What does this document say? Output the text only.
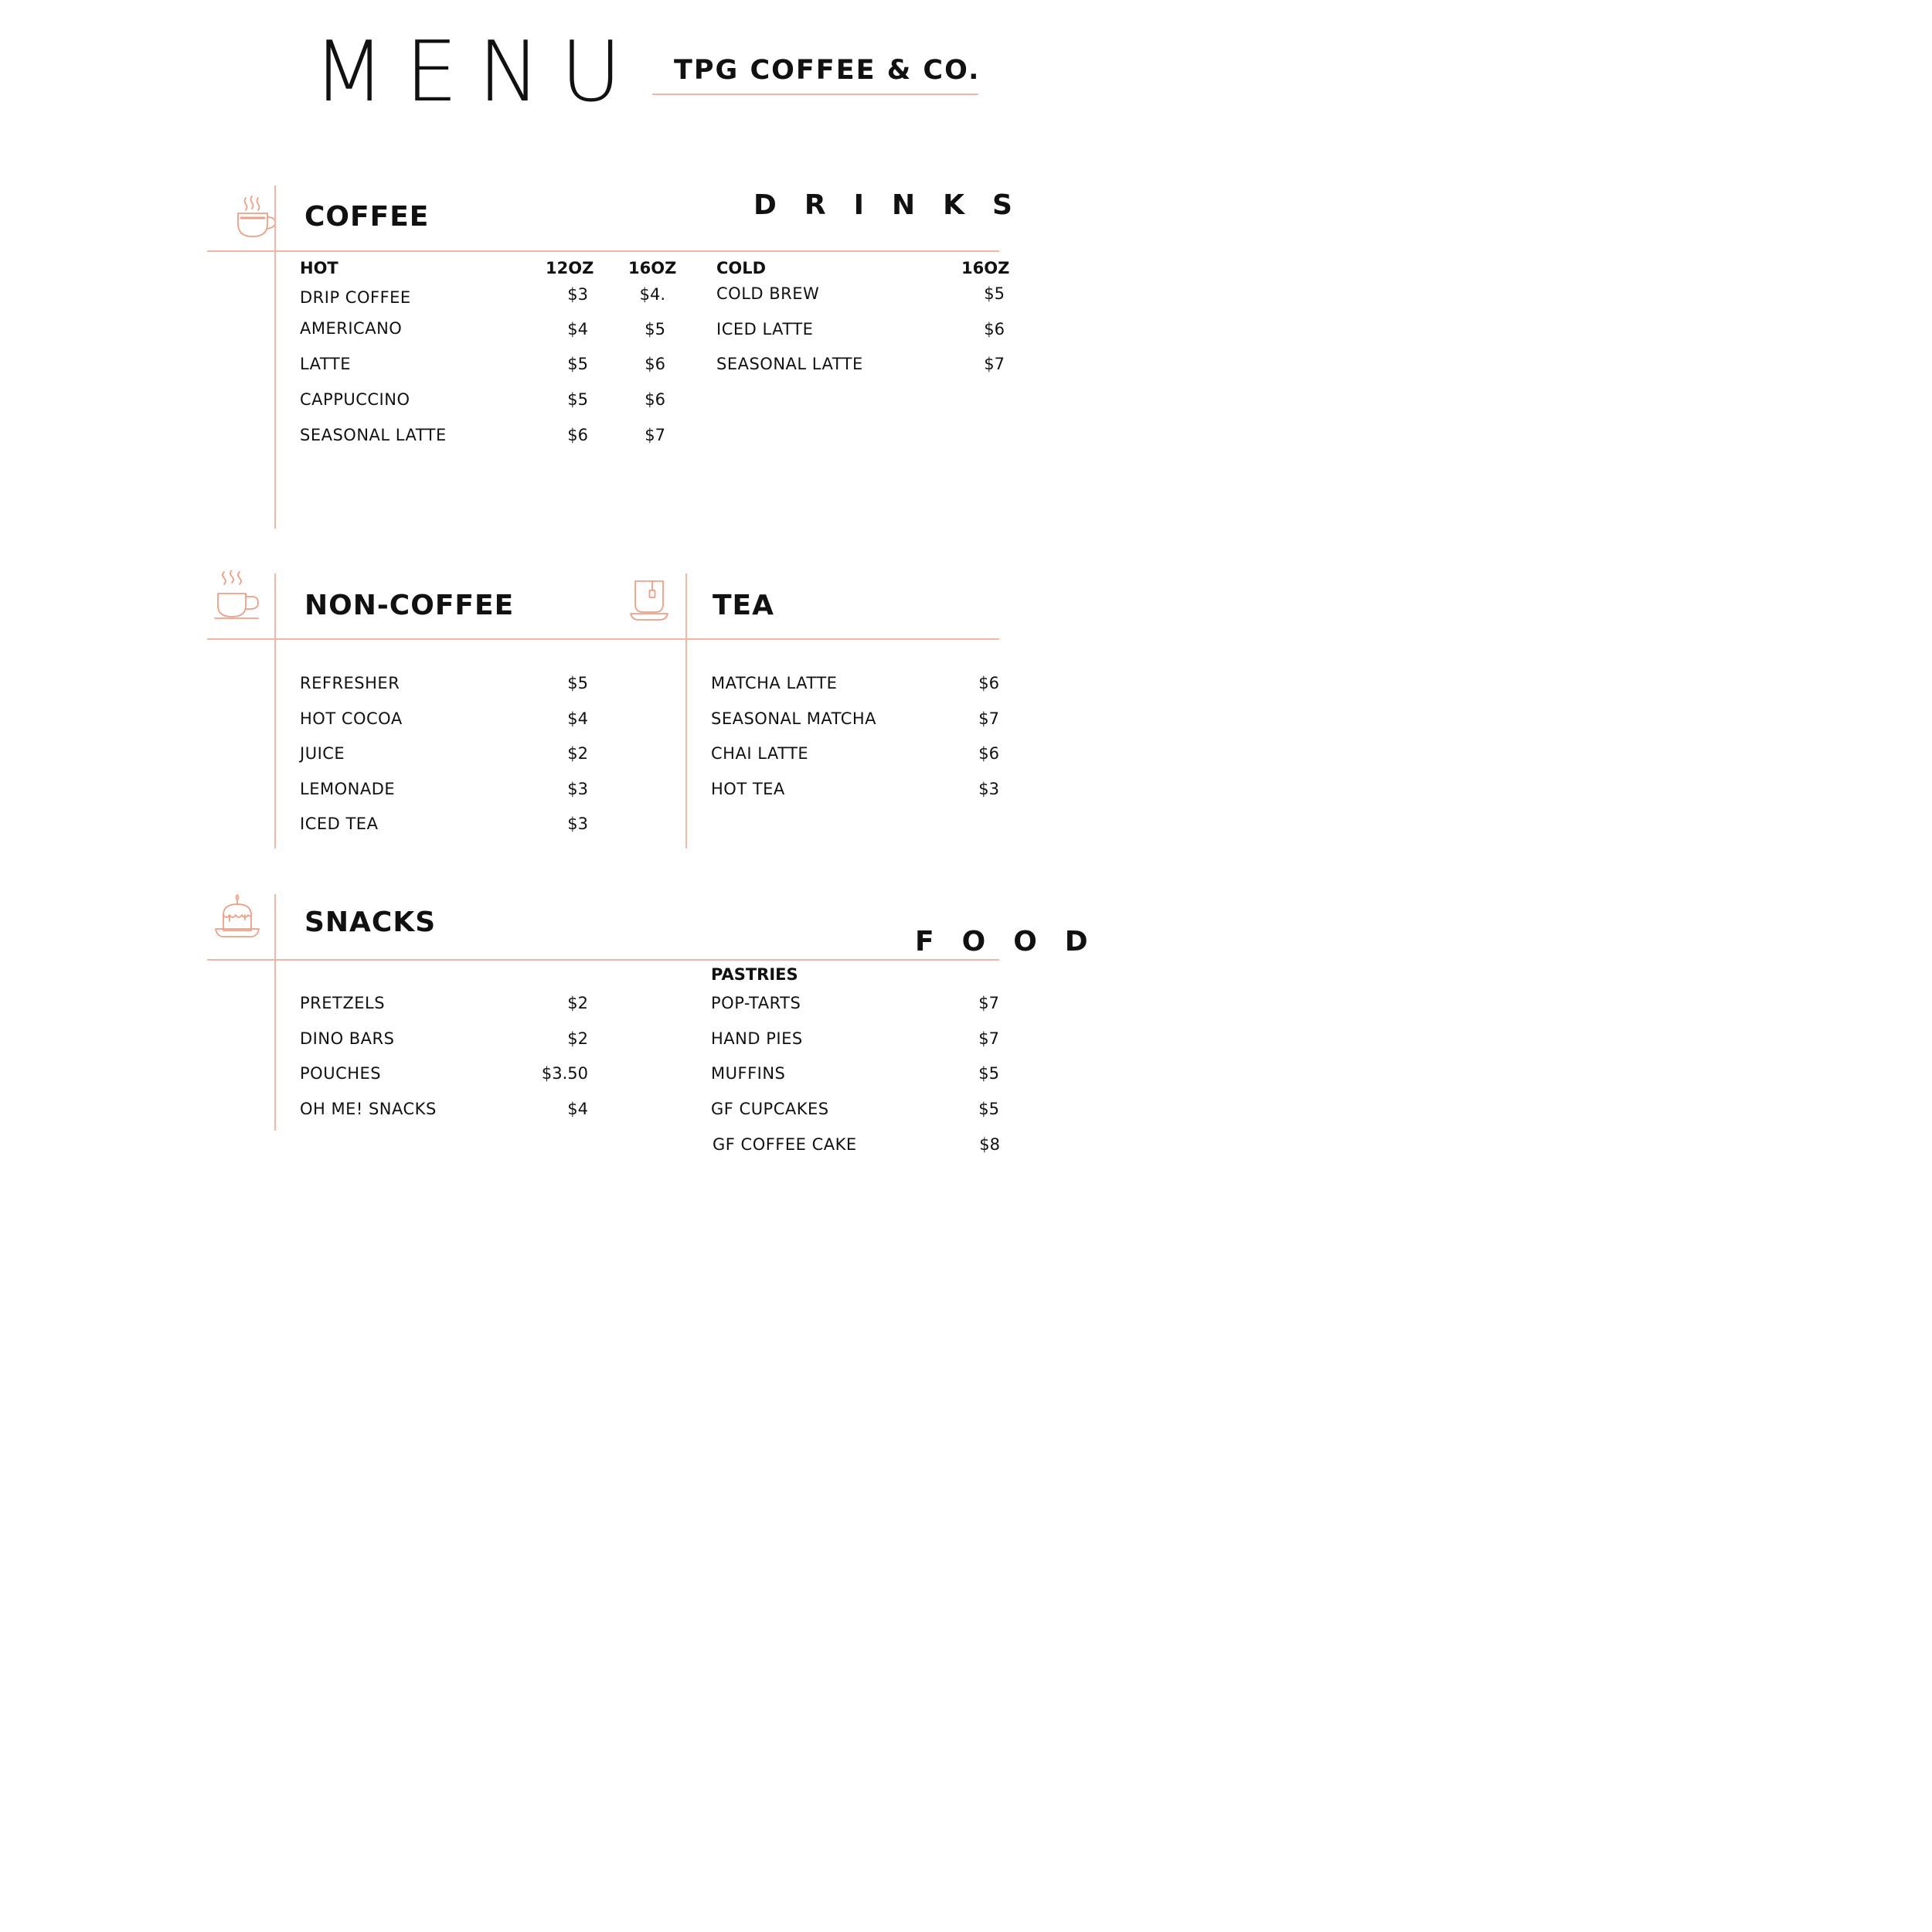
MENU TPG COFFEE & CO.
DRINKS
FOOD
COFFEE
HOT	12OZ 16OZ
DRIP COFFEE	$3	$4.
AMERICANO	$4	$5
LATTE	$5	$6
CAPPUCCINO	$5	$6
SEASONAL LATTE	$6	$7
COLD	16OZ
COLD BREW	$5
ICED LATTE	$6
SEASONAL LATTE	$7
NON-COFFEE
REFRESHER	$5
HOT COCOA	$4
JUICE	$2
LEMONADE	$3
ICED TEA	$3
TEA
MATCHA LATTE	$6
SEASONAL MATCHA	$7
CHAI LATTE	$6
HOT TEA	$3
SNACKS
PRETZELS	$2
DINO BARS	$2
POUCHES	$3.50
OH ME! SNACKS	$4
PASTRIES
POP-TARTS	$7
HAND PIES	$7
MUFFINS	$5
GF CUPCAKES	$5
GF COFFEE CAKE	$8
